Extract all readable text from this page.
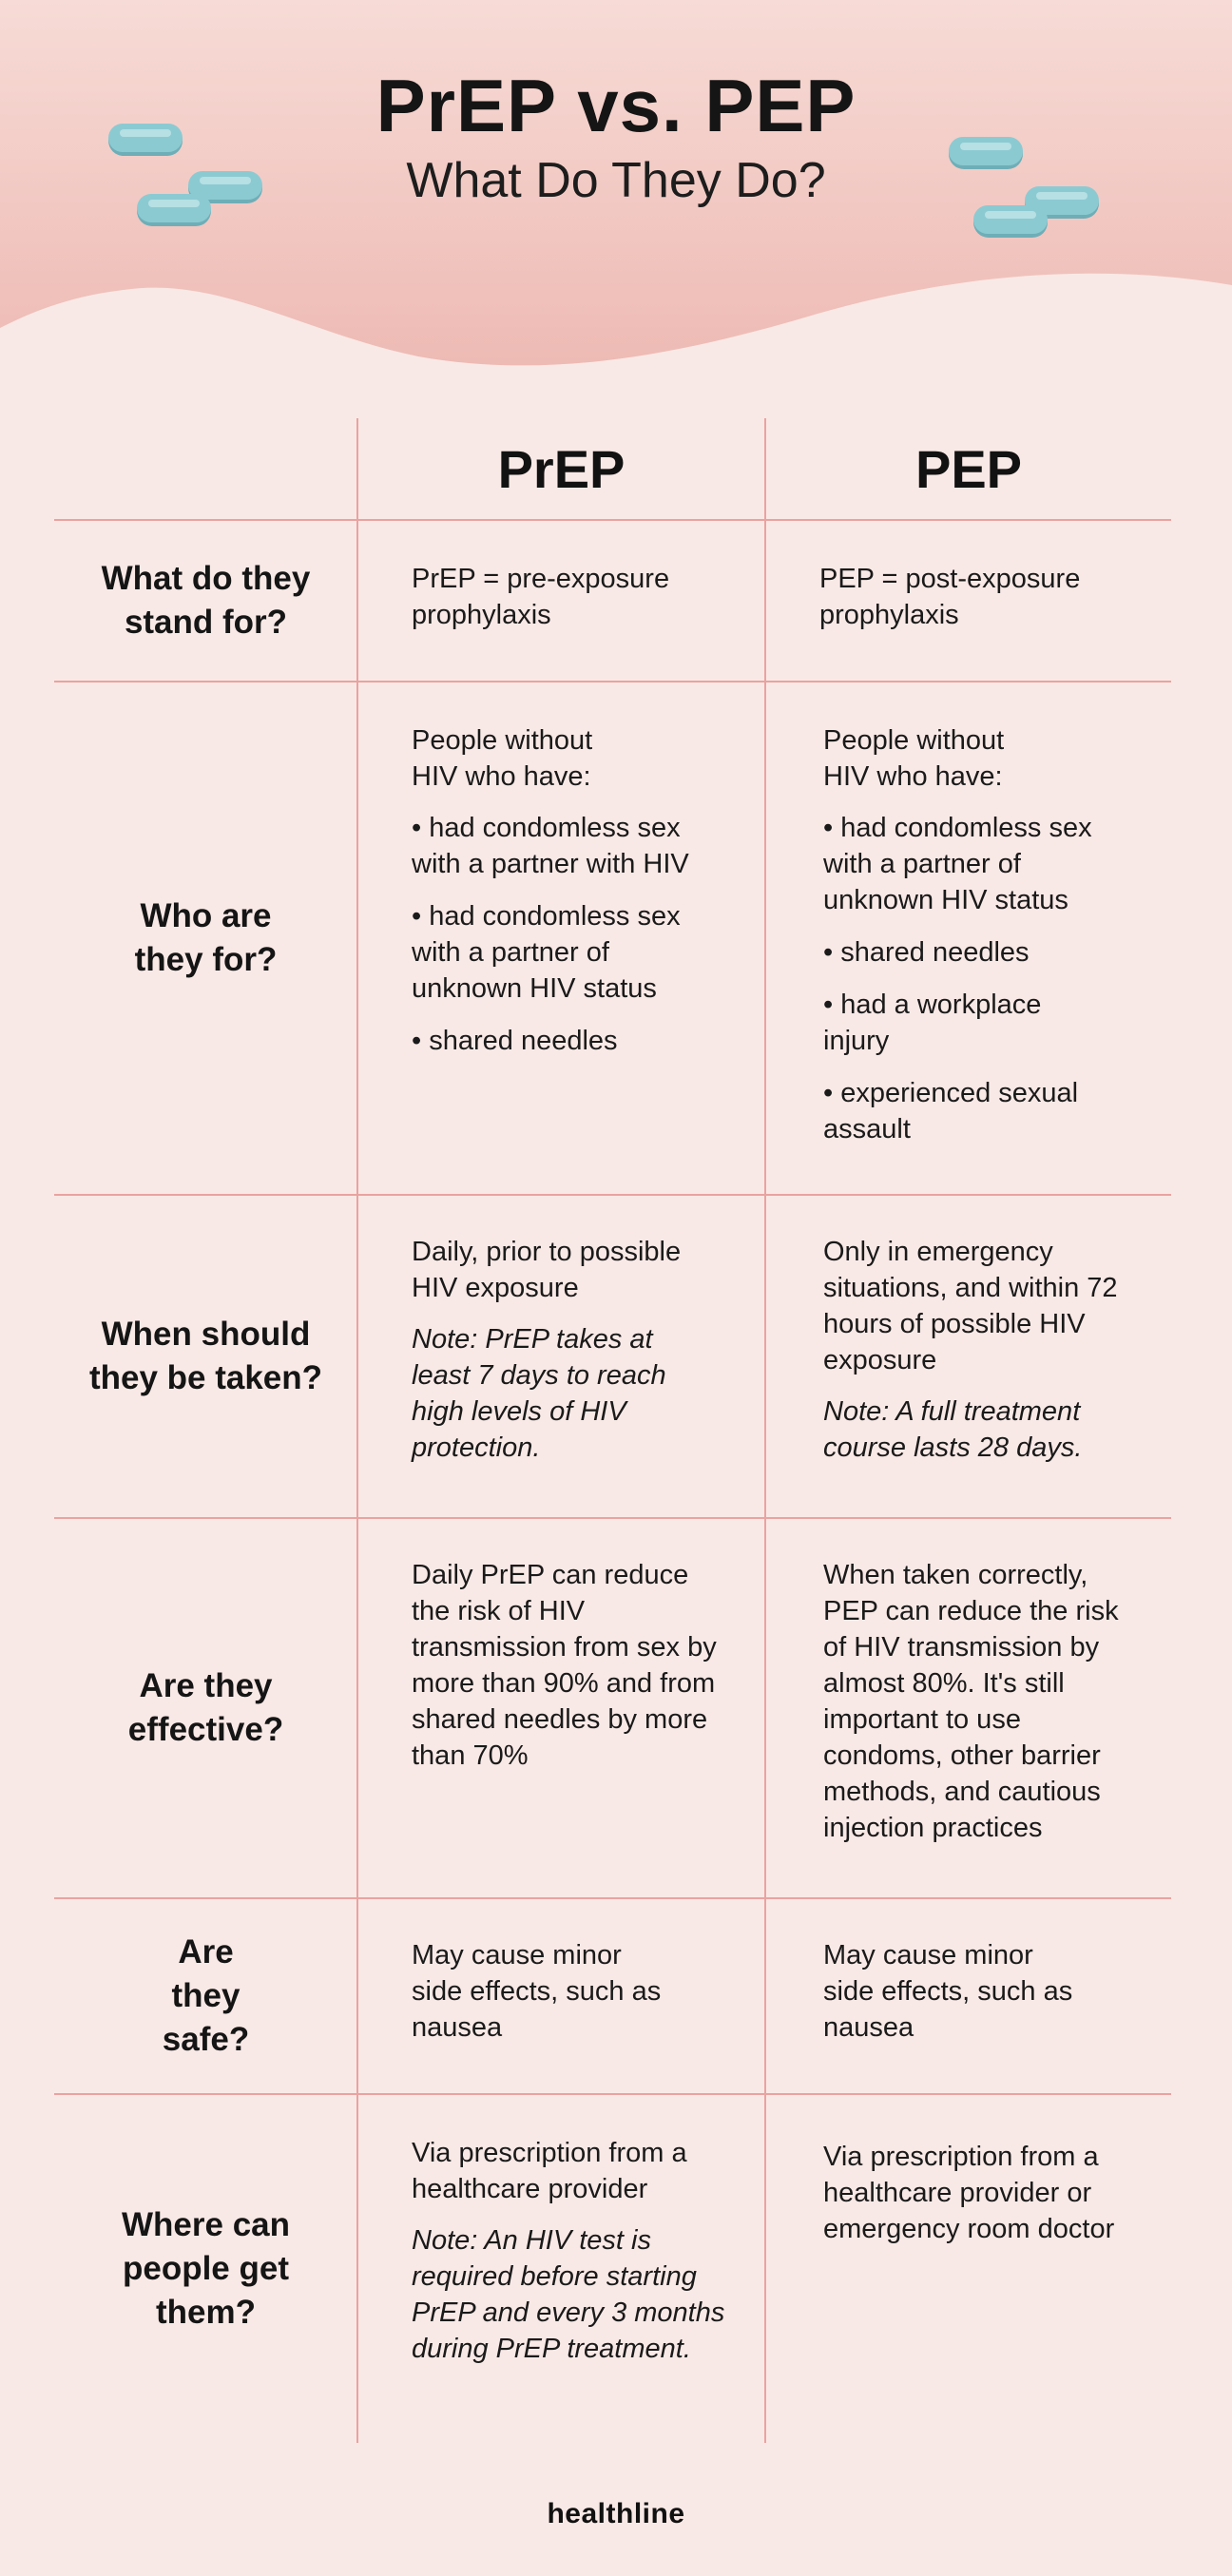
PrEP vs. PEP
What Do They Do?
PrEP	PEP
What do they stand for?

PrEP = pre-exposure prophylaxis

PEP = post-exposure prophylaxis

Who are they for?

People without HIV who have:

• had condomless sex with a partner with HIV
• had condomless sex with a partner of unknown HIV status
• shared needles

People without HIV who have:

• had condomless sex with a partner of unknown HIV status
• shared needles
• had a workplace injury
• experienced sexual assault
When should they be taken?

Daily, prior to possible HIV exposure

Note: PrEP takes at least 7 days to reach high levels of HIV protection.

Only in emergency situations, and within 72 hours of possible HIV exposure

Note: A full treatment course lasts 28 days.

Are they effective?

Daily PrEP can reduce the risk of HIV transmission from sex by more than 90% and from shared needles by more than 70%

When taken correctly, PEP can reduce the risk of HIV transmission by almost 80%. It's still important to use condoms, other barrier methods, and cautious injection practices

Are they safe?

May cause minor side effects, such as nausea

May cause minor side effects, such as nausea

Where can people get them?

Via prescription from a healthcare provider

Note: An HIV test is required before starting PrEP and every 3 months during PrEP treatment.

Via prescription from a healthcare provider or emergency room doctor

healthline
